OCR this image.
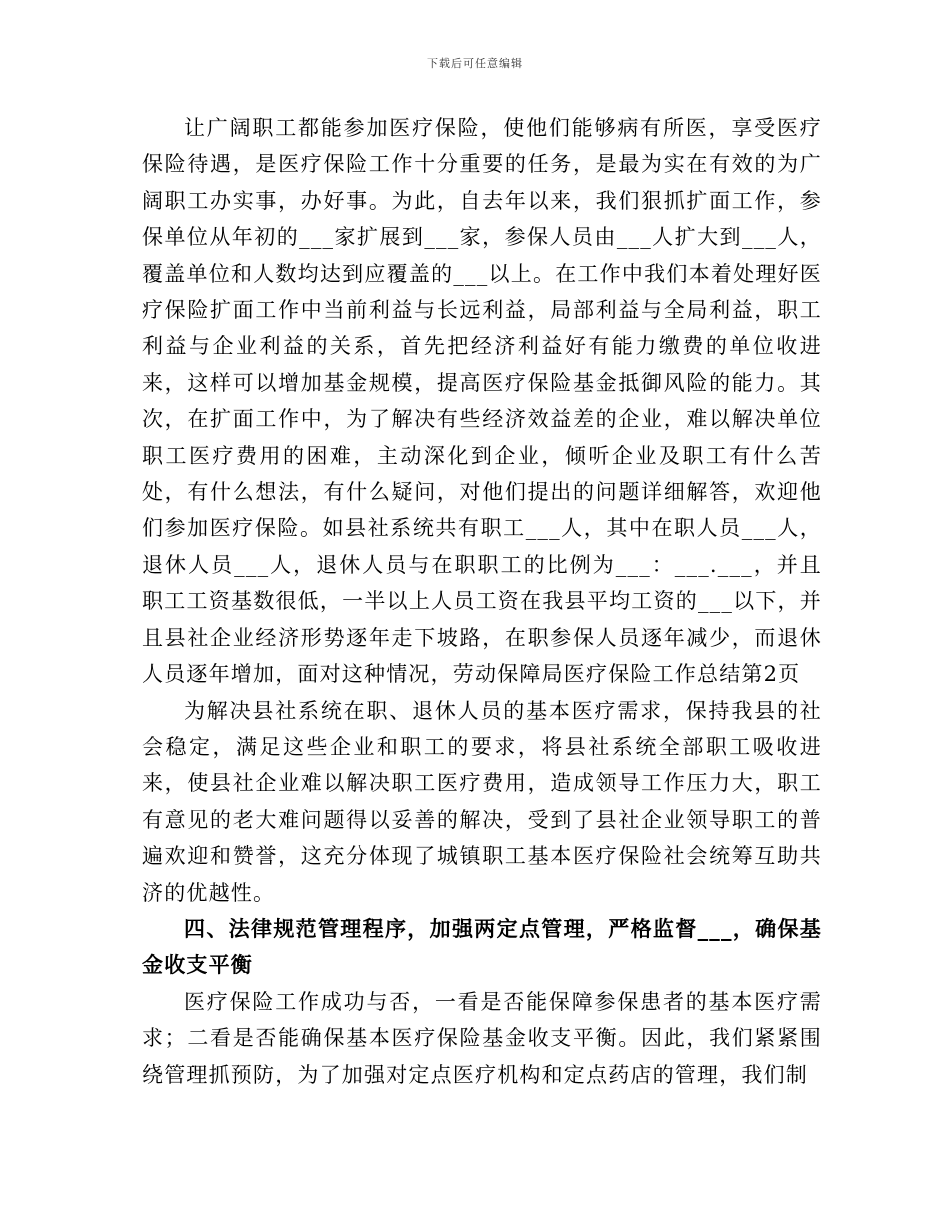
下载后可任意编辑

让广阔职工都能参加医疗保险，使他们能够病有所医，享受医疗保险待遇，是医疗保险工作十分重要的任务，是最为实在有效的为广阔职工办实事，办好事。为此，自去年以来，我们狠抓扩面工作，参保单位从年初的___家扩展到___家，参保人员由___人扩大到___人，覆盖单位和人数均达到应覆盖的___以上。在工作中我们本着处理好医疗保险扩面工作中当前利益与长远利益，局部利益与全局利益，职工利益与企业利益的关系，首先把经济利益好有能力缴费的单位收进来，这样可以增加基金规模，提高医疗保险基金抵御风险的能力。其次，在扩面工作中，为了解决有些经济效益差的企业，难以解决单位职工医疗费用的困难，主动深化到企业，倾听企业及职工有什么苦处，有什么想法，有什么疑问，对他们提出的问题详细解答，欢迎他们参加医疗保险。如县社系统共有职工___人，其中在职人员___人，退休人员___人，退休人员与在职职工的比例为___：___.___，并且职工工资基数很低，一半以上人员工资在我县平均工资的___以下，并且县社企业经济形势逐年走下坡路，在职参保人员逐年减少，而退休人员逐年增加，面对这种情况，劳动保障局医疗保险工作总结第2页

为解决县社系统在职、退休人员的基本医疗需求，保持我县的社会稳定，满足这些企业和职工的要求，将县社系统全部职工吸收进来，使县社企业难以解决职工医疗费用，造成领导工作压力大，职工有意见的老大难问题得以妥善的解决，受到了县社企业领导职工的普遍欢迎和赞誉，这充分体现了城镇职工基本医疗保险社会统筹互助共济的优越性。

四、法律规范管理程序，加强两定点管理，严格监督___，确保基金收支平衡

医疗保险工作成功与否，一看是否能保障参保患者的基本医疗需求；二看是否能确保基本医疗保险基金收支平衡。因此，我们紧紧围绕管理抓预防，为了加强对定点医疗机构和定点药店的管理，我们制
